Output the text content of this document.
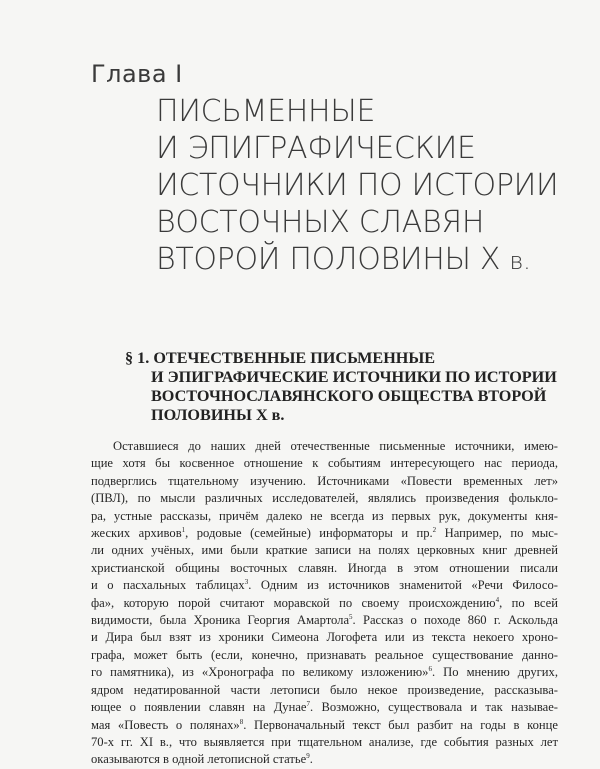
Глава I
ПИСЬМЕННЫЕ
И ЭПИГРАФИЧЕСКИЕ
ИСТОЧНИКИ ПО ИСТОРИИ
ВОСТОЧНЫХ СЛАВЯН
ВТОРОЙ ПОЛОВИНЫ X в.
§ 1. ОТЕЧЕСТВЕННЫЕ ПИСЬМЕННЫЕ
И ЭПИГРАФИЧЕСКИЕ ИСТОЧНИКИ ПО ИСТОРИИ
ВОСТОЧНОСЛАВЯНСКОГО ОБЩЕСТВА ВТОРОЙ
ПОЛОВИНЫ X в.
Оставшиеся до наших дней отечественные письменные источники, имею-
щие хотя бы косвенное отношение к событиям интересующего нас периода,
подверглись тщательному изучению. Источниками «Повести временных лет»
(ПВЛ), по мысли различных исследователей, являлись произведения фолькло-
ра, устные рассказы, причём далеко не всегда из первых рук, документы кня-
жеских архивов$^1$, родовые (семейные) информаторы и пр.$^2$ Например, по мыс-
ли одних учёных, ими были краткие записи на полях церковных книг древней
христианской общины восточных славян. Иногда в этом отношении писали
и о пасхальных таблицах$^3$. Одним из источников знаменитой «Речи Филосо-
фа», которую порой считают моравской по своему происхождению$^4$, по всей
видимости, была Хроника Георгия Амартола$^5$. Рассказ о походе 860 г. Аскольда
и Дира был взят из хроники Симеона Логофета или из текста некоего хроно-
графа, может быть (если, конечно, признавать реальное существование данно-
го памятника), из «Хронографа по великому изложению»$^6$. По мнению других,
ядром недатированной части летописи было некое произведение, рассказыва-
ющее о появлении славян на Дунае$^7$. Возможно, существовала и так называе-
мая «Повесть о полянах»$^8$. Первоначальный текст был разбит на годы в конце
70-х гг. XI в., что выявляется при тщательном анализе, где события разных лет
оказываются в одной летописной статье$^9$.
